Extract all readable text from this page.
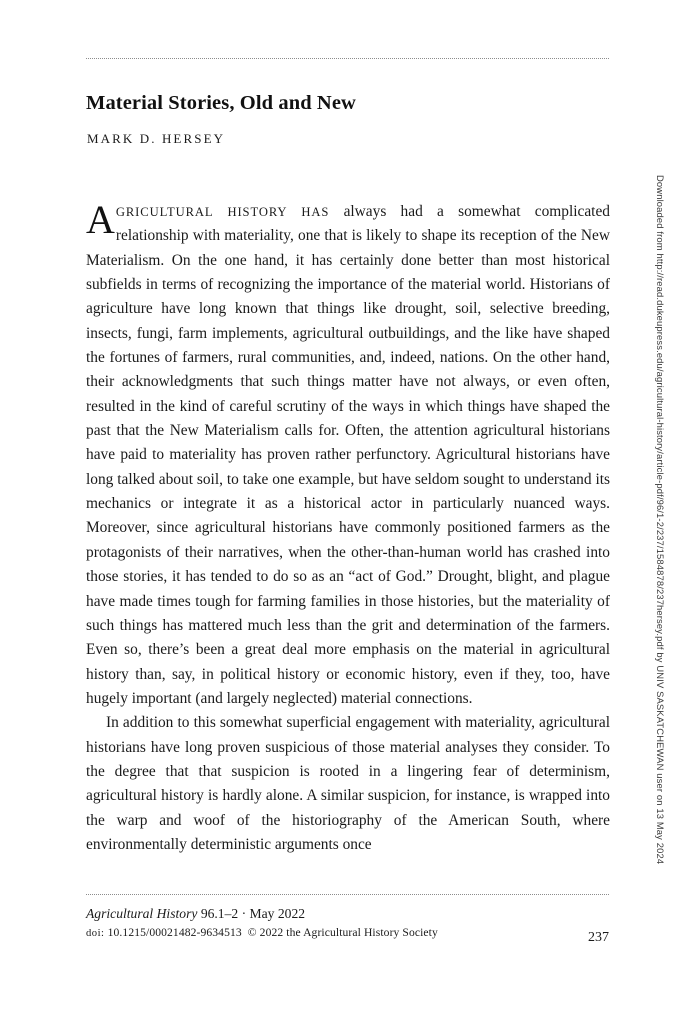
Material Stories, Old and New
MARK D. HERSEY

AGRICULTURAL HISTORY HAS always had a somewhat complicated relationship with materiality, one that is likely to shape its reception of the New Materialism. On the one hand, it has certainly done better than most historical subfields in terms of recognizing the importance of the material world. Historians of agriculture have long known that things like drought, soil, selective breeding, insects, fungi, farm implements, agricultural outbuildings, and the like have shaped the fortunes of farmers, rural communities, and, indeed, nations. On the other hand, their acknowledgments that such things matter have not always, or even often, resulted in the kind of careful scrutiny of the ways in which things have shaped the past that the New Materialism calls for. Often, the attention agricultural historians have paid to materiality has proven rather perfunctory. Agricultural historians have long talked about soil, to take one example, but have seldom sought to understand its mechanics or integrate it as a historical actor in particularly nuanced ways. Moreover, since agricultural historians have commonly positioned farmers as the protagonists of their narratives, when the other-than-human world has crashed into those stories, it has tended to do so as an “act of God.” Drought, blight, and plague have made times tough for farming families in those histories, but the materiality of such things has mattered much less than the grit and determination of the farmers. Even so, there’s been a great deal more emphasis on the material in agricultural history than, say, in political history or economic history, even if they, too, have hugely important (and largely neglected) material connections.

In addition to this somewhat superficial engagement with materiality, agricultural historians have long proven suspicious of those material analyses they consider. To the degree that that suspicion is rooted in a lingering fear of determinism, agricultural history is hardly alone. A similar suspicion, for instance, is wrapped into the warp and woof of the historiography of the American South, where environmentally deterministic arguments once

Agricultural History 96.1–2 · May 2022
doi: 10.1215/00021482-9634513 © 2022 the Agricultural History Society	237
Downloaded from http://read.dukeupress.edu/agricultural-history/article-pdf/96/1-2/237/1584878/237hersey.pdf by UNIV SASKATCHEWAN user on 13 May 2024
